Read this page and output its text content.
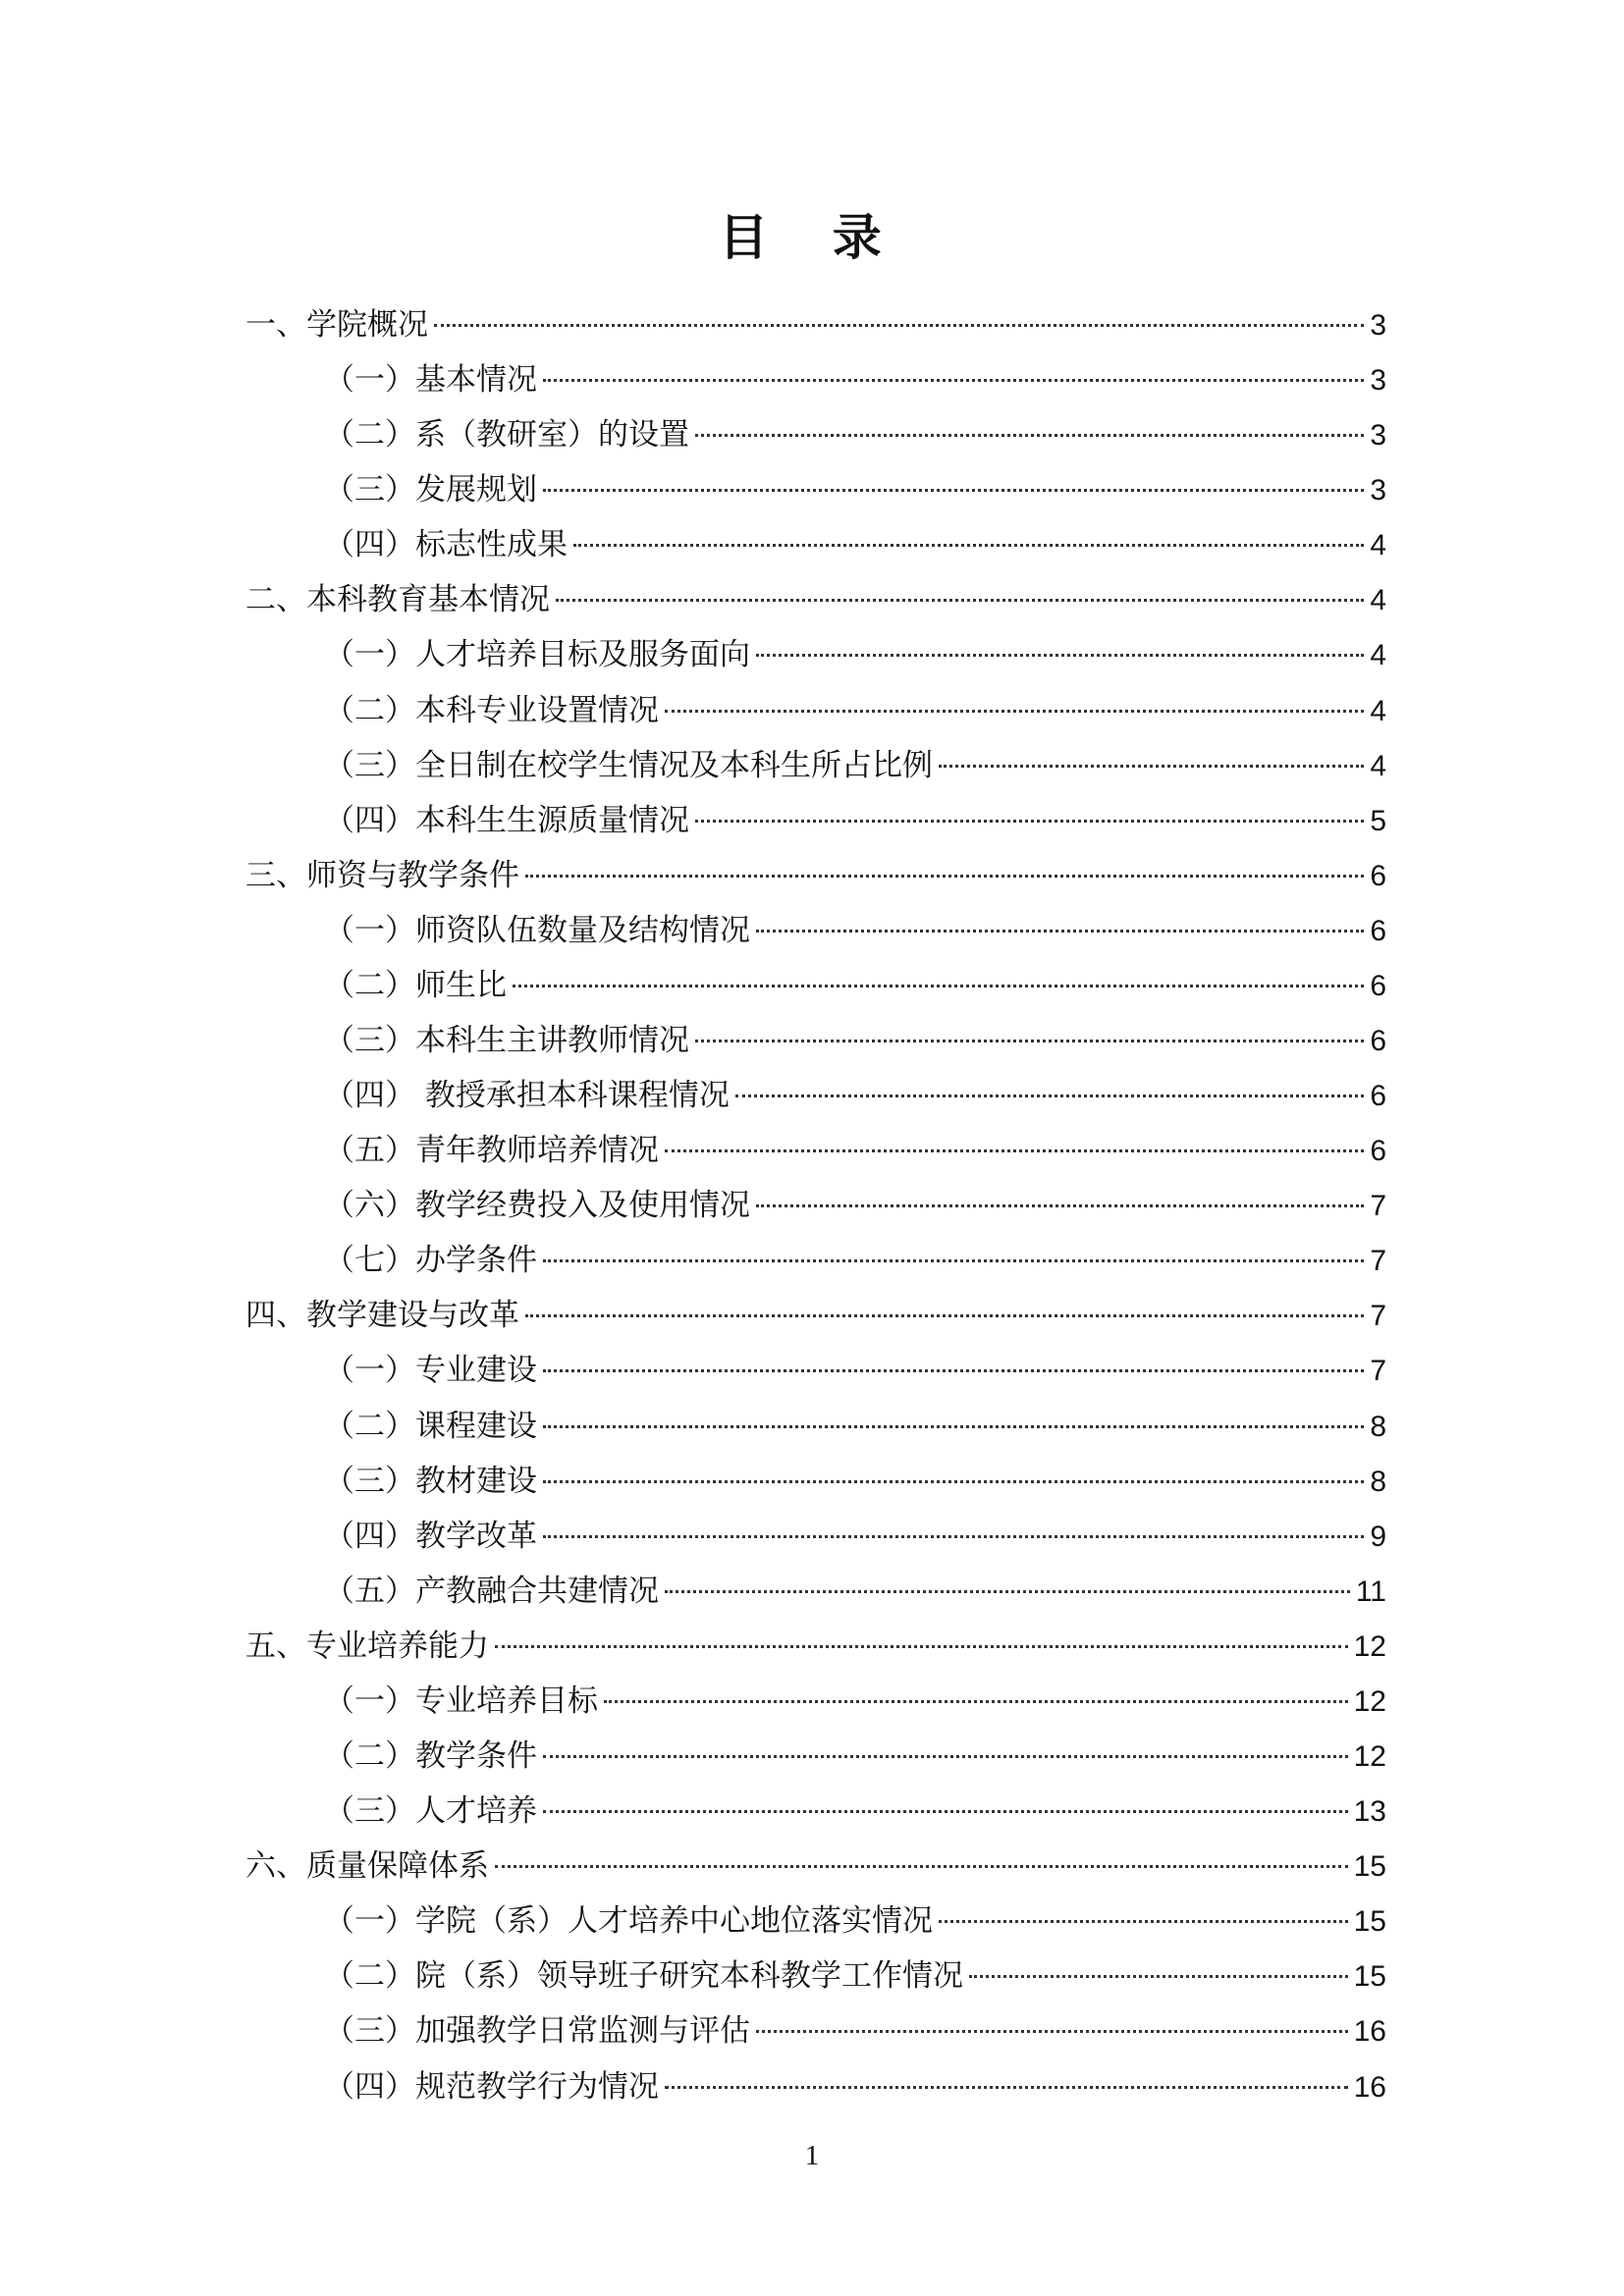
目 录
一、学院概况	3
（一）基本情况	3
（二）系（教研室）的设置	3
（三）发展规划	3
（四）标志性成果	4
二、本科教育基本情况	4
（一）人才培养目标及服务面向	4
（二）本科专业设置情况	4
（三）全日制在校学生情况及本科生所占比例	4
（四）本科生生源质量情况	5
三、师资与教学条件	6
（一）师资队伍数量及结构情况	6
（二）师生比	6
（三）本科生主讲教师情况	6
（四） 教授承担本科课程情况	6
（五）青年教师培养情况	6
（六）教学经费投入及使用情况	7
（七）办学条件	7
四、教学建设与改革	7
（一）专业建设	7
（二）课程建设	8
（三）教材建设	8
（四）教学改革	9
（五）产教融合共建情况	11
五、专业培养能力	12
（一）专业培养目标	12
（二）教学条件	12
（三）人才培养	13
六、质量保障体系	15
（一）学院（系）人才培养中心地位落实情况	15
（二）院（系）领导班子研究本科教学工作情况	15
（三）加强教学日常监测与评估	16
（四）规范教学行为情况	16
1
